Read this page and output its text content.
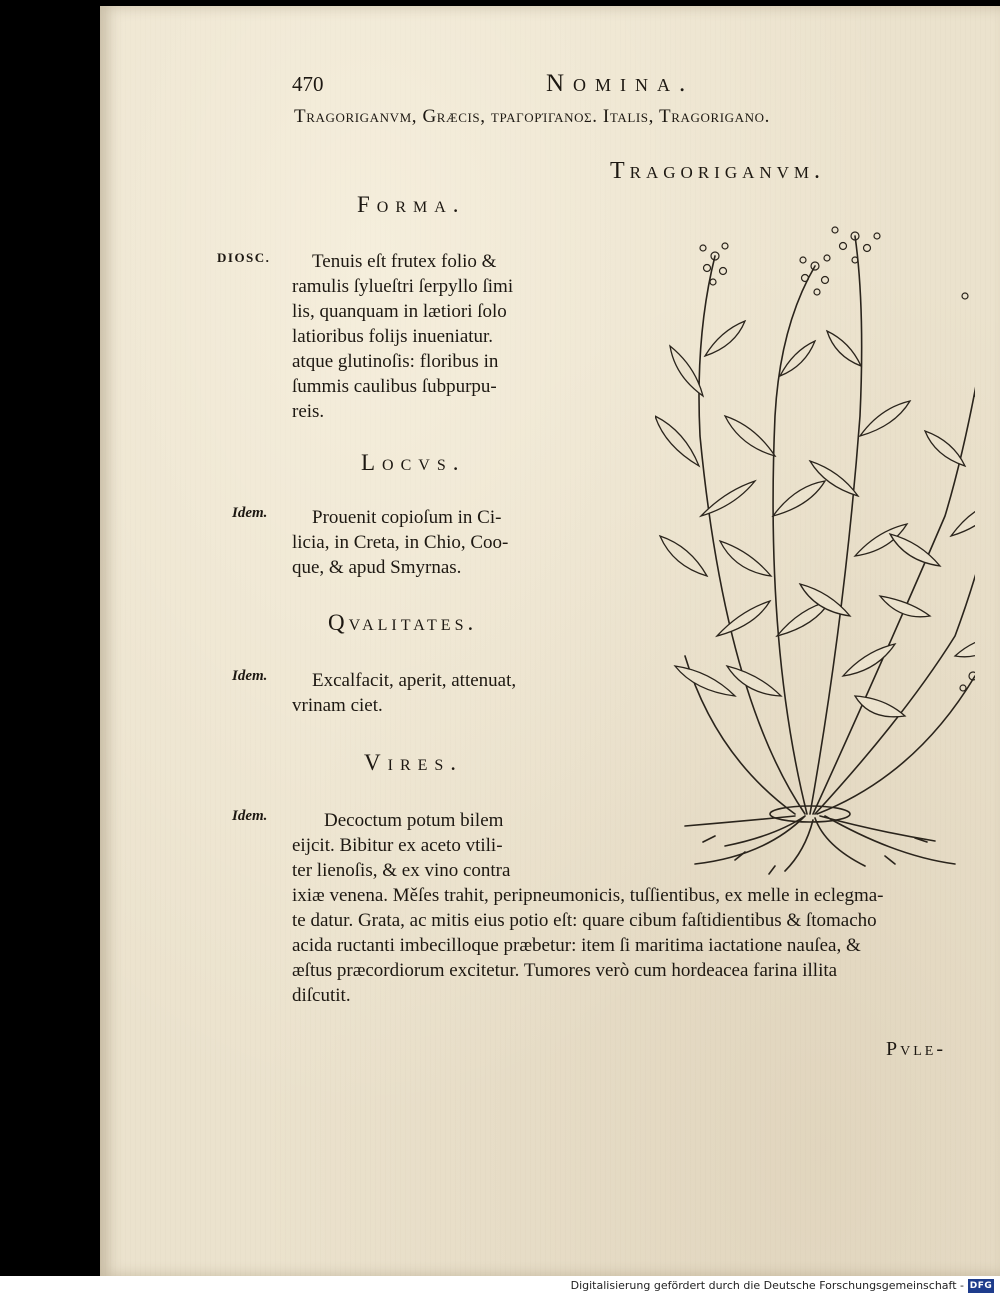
470	Nomina.
Tragoriganvm, Græcis, τραγορίγανος. Italis, Tragorigano.
Tragoriganvm.
Forma.
DIOSC. Tenuis eſt frutex folio &
ramulis ſylueſtri ſerpyllo ſimi
lis, quanquam in lætiori ſolo
latioribus folijs inueniatur.
atque glutinoſis: floribus in
ſummis caulibus ſubpurpu-
reis.
Locvs.
Idem. Prouenit copioſum in Ci-
licia, in Creta, in Chio, Coo-
que, & apud Smyrnas.
Qvalitates.
Idem. Excalfacit, aperit, attenuat,
vrinam ciet.
Vires.
Idem.	Decoctum potum bilem
eijcit. Bibitur ex aceto vtili-
ter lienoſis, & ex vino contra
ixiæ venena. Měſes trahit, peripneumonicis, tuſſientibus, ex melle in eclegma-
te datur. Grata, ac mitis eius potio eſt: quare cibum faſtidientibus & ſtomacho
acida ructanti imbecilloque præbetur: item ſi maritima iactatione nauſea, &
æſtus præcordiorum excitetur. Tumores verò cum hordeacea farina illita
diſcutit.
Pvle-
Digitalisierung gefördert durch die Deutsche Forschungsgemeinschaft - DFG
